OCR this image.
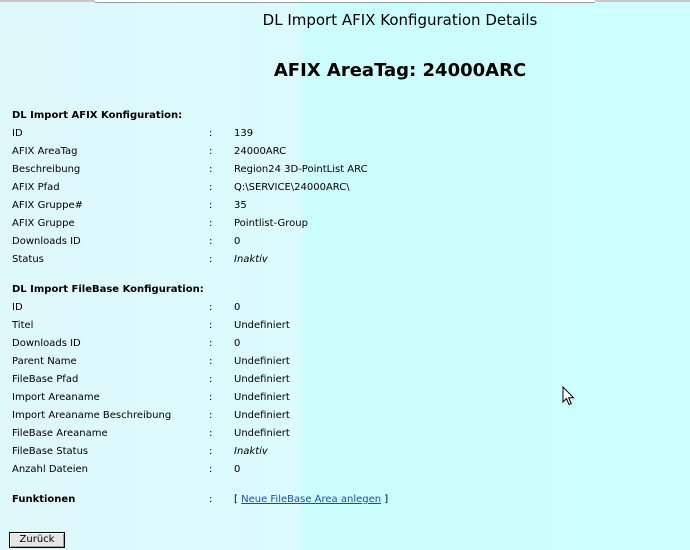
DL Import AFIX Konfiguration Details
AFIX AreaTag: 24000ARC
DL Import AFIX Konfiguration:
ID	: 139
AFIX AreaTag	: 24000ARC
Beschreibung	: Region24 3D-PointList ARC
AFIX Pfad	: Q:\SERVICE\24000ARC\
AFIX Gruppe#	: 35
AFIX Gruppe	: Pointlist-Group
Downloads ID	: 0
Status	: Inaktiv
DL Import FileBase Konfiguration:
ID	: 0
Titel	: Undefiniert
Downloads ID	: 0
Parent Name	: Undefiniert
FileBase Pfad	: Undefiniert
Import Areaname	: Undefiniert
Import Areaname Beschreibung	: Undefiniert
FileBase Areaname	: Undefiniert
FileBase Status	: Inaktiv
Anzahl Dateien	: 0
Funktionen	: [ Neue FileBase Area anlegen ]
Zurück
